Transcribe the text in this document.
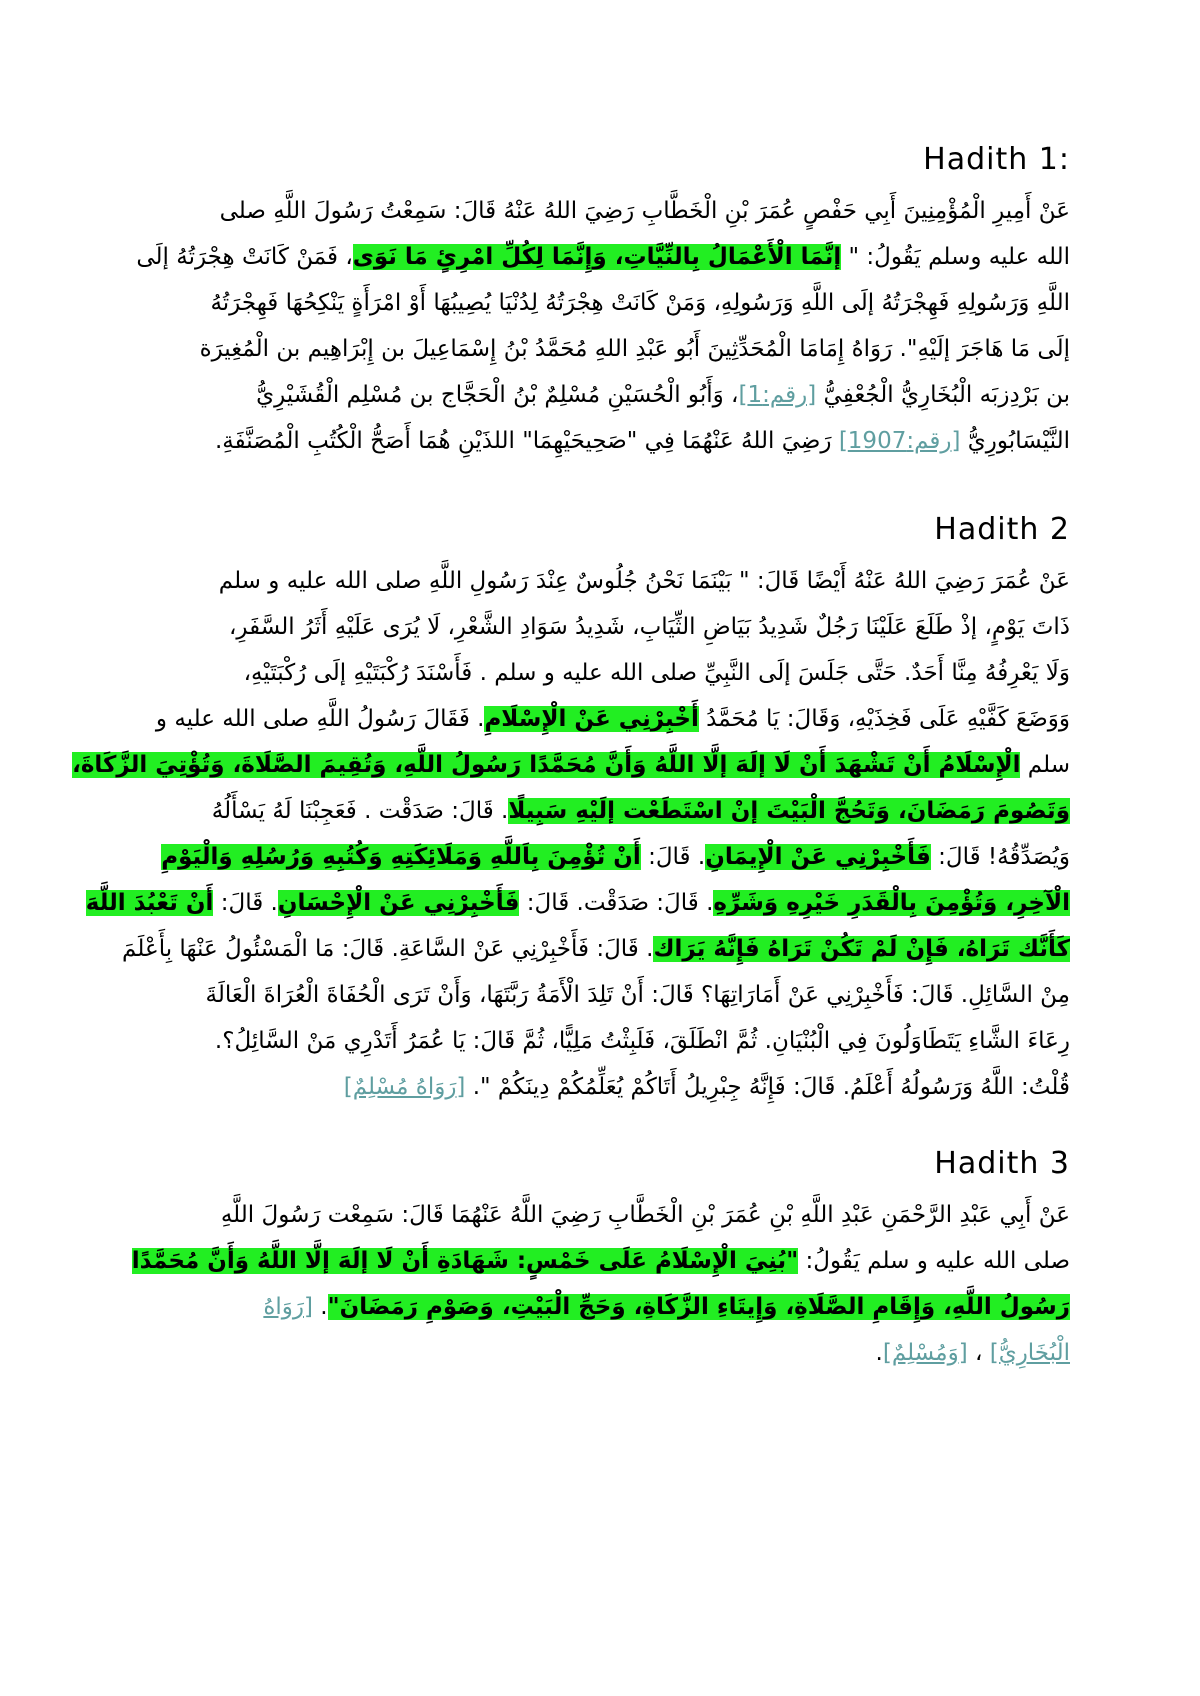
Hadith 1:
عَنْ أَمِيرِ الْمُؤْمِنِينَ أَبِي حَفْصٍ عُمَرَ بْنِ الْخَطَّابِ رَضِيَ اللهُ عَنْهُ قَالَ: سَمِعْتُ رَسُولَ اللَّهِ صلى
الله عليه وسلم يَقُولُ: " إنَّمَا الْأَعْمَالُ بِالنِّيَّاتِ، وَإِنَّمَا لِكُلِّ امْرِئٍ مَا نَوَى، فَمَنْ كَانَتْ هِجْرَتُهُ إلَى
اللَّهِ وَرَسُولِهِ فَهِجْرَتُهُ إلَى اللَّهِ وَرَسُولِهِ، وَمَنْ كَانَتْ هِجْرَتُهُ لِدُنْيَا يُصِيبُهَا أَوْ امْرَأَةٍ يَنْكِحُهَا فَهِجْرَتُهُ
إلَى مَا هَاجَرَ إلَيْهِ". رَوَاهُ إِمَامَا الْمُحَدِّثِينَ أَبُو عَبْدِ اللهِ مُحَمَّدُ بْنُ إِسْمَاعِيلَ بن إِبْرَاهِيم بن الْمُغِيرَة
بن بَرْدِزبَه الْبُخَارِيُّ الْجُعْفِيُّ [رقم:1]، وَأَبُو الْحُسَيْنِ مُسْلِمٌ بْنُ الْحَجَّاج بن مُسْلِم الْقُشَيْرِيُّ
النَّيْسَابُورِيُّ [رقم:1907] رَضِيَ اللهُ عَنْهُمَا فِي "صَحِيحَيْهِمَا" اللذَيْنِ هُمَا أَصَحُّ الْكُتُبِ الْمُصَنَّفَةِ.
Hadith 2
عَنْ عُمَرَ رَضِيَ اللهُ عَنْهُ أَيْضًا قَالَ: " بَيْنَمَا نَحْنُ جُلُوسٌ عِنْدَ رَسُولِ اللَّهِ صلى الله عليه و سلم
ذَاتَ يَوْمٍ، إذْ طَلَعَ عَلَيْنَا رَجُلٌ شَدِيدُ بَيَاضِ الثِّيَابِ، شَدِيدُ سَوَادِ الشَّعْرِ، لَا يُرَى عَلَيْهِ أَثَرُ السَّفَرِ،
وَلَا يَعْرِفُهُ مِنَّا أَحَدٌ. حَتَّى جَلَسَ إلَى النَّبِيِّ صلى الله عليه و سلم . فَأَسْنَدَ رُكْبَتَيْهِ إلَى رُكْبَتَيْهِ،
وَوَضَعَ كَفَّيْهِ عَلَى فَخِذَيْهِ، وَقَالَ: يَا مُحَمَّدُ أَخْبِرْنِي عَنْ الْإِسْلَامِ. فَقَالَ رَسُولُ اللَّهِ صلى الله عليه و
سلم الْإِسْلَامُ أَنْ تَشْهَدَ أَنْ لَا إلَهَ إلَّا اللَّهُ وَأَنَّ مُحَمَّدًا رَسُولُ اللَّهِ، وَتُقِيمَ الصَّلَاةَ، وَتُؤْتِيَ الزَّكَاةَ،
وَتَصُومَ رَمَضَانَ، وَتَحُجَّ الْبَيْتَ إنْ اسْتَطَعْت إلَيْهِ سَبِيلًا. قَالَ: صَدَقْت . فَعَجِبْنَا لَهُ يَسْأَلُهُ
وَيُصَدِّقُهُ! قَالَ: فَأَخْبِرْنِي عَنْ الْإِيمَانِ. قَالَ: أَنْ تُؤْمِنَ بِاَللَّهِ وَمَلَائِكَتِهِ وَكُتُبِهِ وَرُسُلِهِ وَالْيَوْمِ
الْآخِرِ، وَتُؤْمِنَ بِالْقَدَرِ خَيْرِهِ وَشَرِّهِ. قَالَ: صَدَقْت. قَالَ: فَأَخْبِرْنِي عَنْ الْإِحْسَانِ. قَالَ: أَنْ تَعْبُدَ اللَّهَ
كَأَنَّك تَرَاهُ، فَإِنْ لَمْ تَكُنْ تَرَاهُ فَإِنَّهُ يَرَاك. قَالَ: فَأَخْبِرْنِي عَنْ السَّاعَةِ. قَالَ: مَا الْمَسْئُولُ عَنْهَا بِأَعْلَمَ
مِنْ السَّائِلِ. قَالَ: فَأَخْبِرْنِي عَنْ أَمَارَاتِهَا؟ قَالَ: أَنْ تَلِدَ الْأَمَةُ رَبَّتَهَا، وَأَنْ تَرَى الْحُفَاةَ الْعُرَاةَ الْعَالَةَ
رِعَاءَ الشَّاءِ يَتَطَاوَلُونَ فِي الْبُنْيَانِ. ثُمَّ انْطَلَقَ، فَلَبِثْتُ مَلِيًّا، ثُمَّ قَالَ: يَا عُمَرُ أَتَدْرِي مَنْ السَّائِلُ؟.
قُلْتُ: اللَّهُ وَرَسُولُهُ أَعْلَمُ. قَالَ: فَإِنَّهُ جِبْرِيلُ أَتَاكُمْ يُعَلِّمُكُمْ دِينَكُمْ ". [رَوَاهُ مُسْلِمٌ]
Hadith 3
عَنْ أَبِي عَبْدِ الرَّحْمَنِ عَبْدِ اللَّهِ بْنِ عُمَرَ بْنِ الْخَطَّابِ رَضِيَ اللَّهُ عَنْهُمَا قَالَ: سَمِعْت رَسُولَ اللَّهِ
صلى الله عليه و سلم يَقُولُ: "بُنِيَ الْإِسْلَامُ عَلَى خَمْسٍ: شَهَادَةِ أَنْ لَا إلَهَ إلَّا اللَّهُ وَأَنَّ مُحَمَّدًا
رَسُولُ اللَّهِ، وَإِقَامِ الصَّلَاةِ، وَإِيتَاءِ الزَّكَاةِ، وَحَجِّ الْبَيْتِ، وَصَوْمِ رَمَضَانَ". [رَوَاهُ
الْبُخَارِيُّ] ، [وَمُسْلِمٌ].
